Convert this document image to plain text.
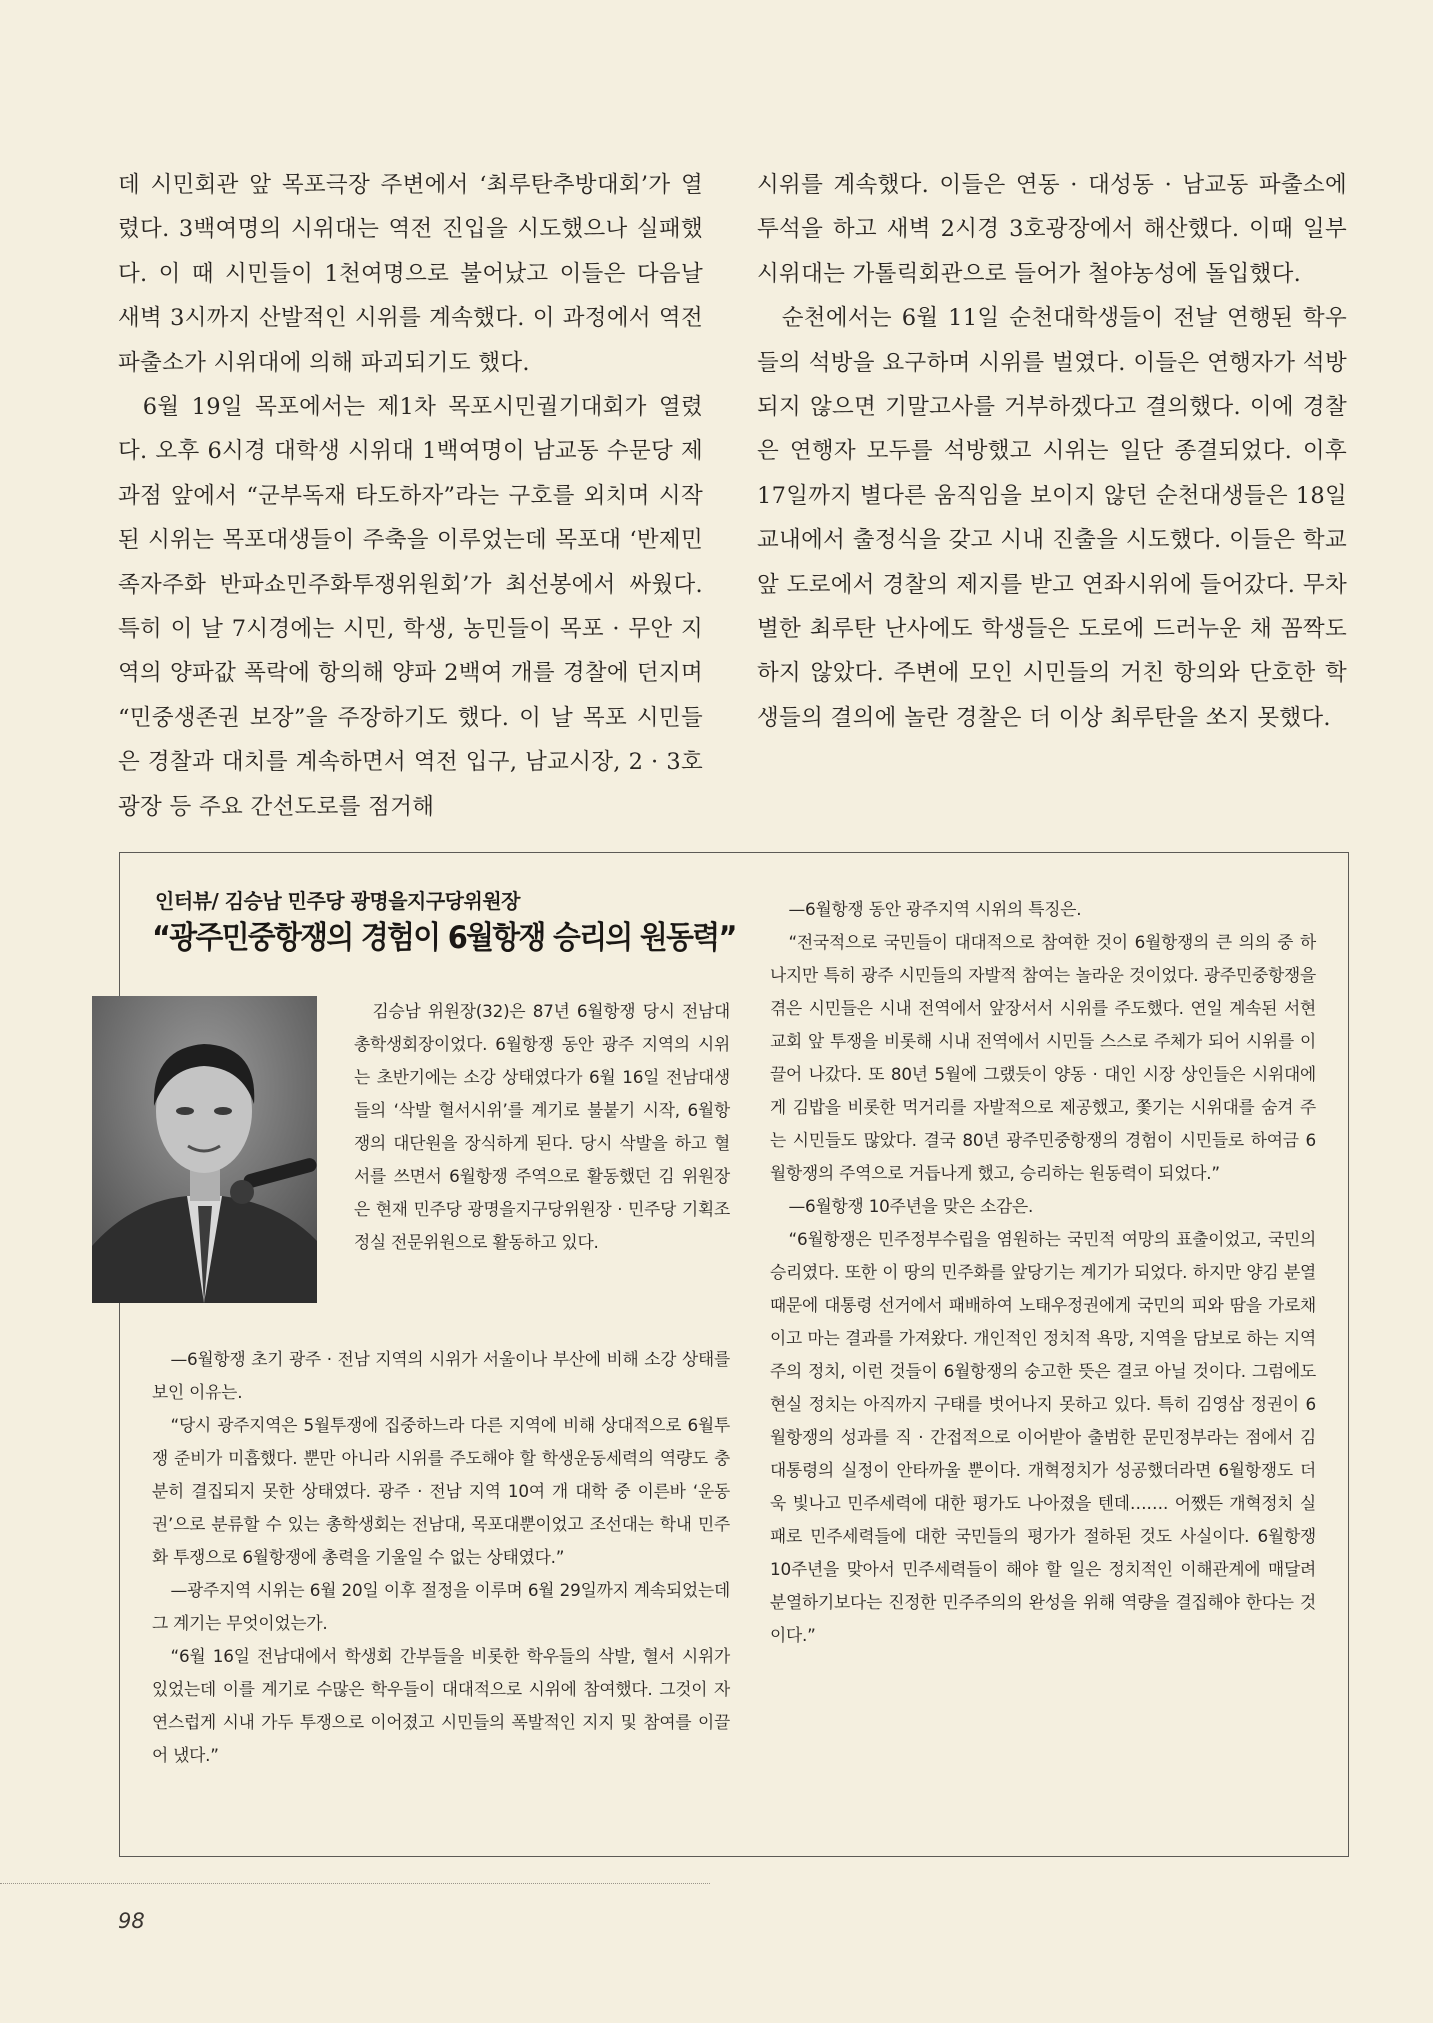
데 시민회관 앞 목포극장 주변에서 ‘최루탄추방대회’가 열렸다. 3백여명의 시위대는 역전 진입을 시도했으나 실패했다. 이 때 시민들이 1천여명으로 불어났고 이들은 다음날 새벽 3시까지 산발적인 시위를 계속했다. 이 과정에서 역전 파출소가 시위대에 의해 파괴되기도 했다.

6월 19일 목포에서는 제1차 목포시민궐기대회가 열렸다. 오후 6시경 대학생 시위대 1백여명이 남교동 수문당 제과점 앞에서 “군부독재 타도하자”라는 구호를 외치며 시작된 시위는 목포대생들이 주축을 이루었는데 목포대 ‘반제민족자주화 반파쇼민주화투쟁위원회’가 최선봉에서 싸웠다. 특히 이 날 7시경에는 시민, 학생, 농민들이 목포 · 무안 지역의 양파값 폭락에 항의해 양파 2백여 개를 경찰에 던지며 “민중생존권 보장”을 주장하기도 했다. 이 날 목포 시민들은 경찰과 대치를 계속하면서 역전 입구, 남교시장, 2 · 3호광장 등 주요 간선도로를 점거해

시위를 계속했다. 이들은 연동 · 대성동 · 남교동 파출소에 투석을 하고 새벽 2시경 3호광장에서 해산했다. 이때 일부 시위대는 가톨릭회관으로 들어가 철야농성에 돌입했다.

순천에서는 6월 11일 순천대학생들이 전날 연행된 학우들의 석방을 요구하며 시위를 벌였다. 이들은 연행자가 석방되지 않으면 기말고사를 거부하겠다고 결의했다. 이에 경찰은 연행자 모두를 석방했고 시위는 일단 종결되었다. 이후 17일까지 별다른 움직임을 보이지 않던 순천대생들은 18일 교내에서 출정식을 갖고 시내 진출을 시도했다. 이들은 학교 앞 도로에서 경찰의 제지를 받고 연좌시위에 들어갔다. 무차별한 최루탄 난사에도 학생들은 도로에 드러누운 채 꼼짝도 하지 않았다. 주변에 모인 시민들의 거친 항의와 단호한 학생들의 결의에 놀란 경찰은 더 이상 최루탄을 쏘지 못했다.

인터뷰/ 김승남 민주당 광명을지구당위원장
“광주민중항쟁의 경험이 6월항쟁 승리의 원동력”

김승남 위원장(32)은 87년 6월항쟁 당시 전남대 총학생회장이었다. 6월항쟁 동안 광주 지역의 시위는 초반기에는 소강 상태였다가 6월 16일 전남대생들의 ‘삭발 혈서시위’를 계기로 불붙기 시작, 6월항쟁의 대단원을 장식하게 된다. 당시 삭발을 하고 혈서를 쓰면서 6월항쟁 주역으로 활동했던 김 위원장은 현재 민주당 광명을지구당위원장 · 민주당 기획조정실 전문위원으로 활동하고 있다.

—6월항쟁 초기 광주 · 전남 지역의 시위가 서울이나 부산에 비해 소강 상태를 보인 이유는.

“당시 광주지역은 5월투쟁에 집중하느라 다른 지역에 비해 상대적으로 6월투쟁 준비가 미흡했다. 뿐만 아니라 시위를 주도해야 할 학생운동세력의 역량도 충분히 결집되지 못한 상태였다. 광주 · 전남 지역 10여 개 대학 중 이른바 ‘운동권’으로 분류할 수 있는 총학생회는 전남대, 목포대뿐이었고 조선대는 학내 민주화 투쟁으로 6월항쟁에 총력을 기울일 수 없는 상태였다.”

—광주지역 시위는 6월 20일 이후 절정을 이루며 6월 29일까지 계속되었는데 그 계기는 무엇이었는가.

“6월 16일 전남대에서 학생회 간부들을 비롯한 학우들의 삭발, 혈서 시위가 있었는데 이를 계기로 수많은 학우들이 대대적으로 시위에 참여했다. 그것이 자연스럽게 시내 가두 투쟁으로 이어졌고 시민들의 폭발적인 지지 및 참여를 이끌어 냈다.”

—6월항쟁 동안 광주지역 시위의 특징은.

“전국적으로 국민들이 대대적으로 참여한 것이 6월항쟁의 큰 의의 중 하나지만 특히 광주 시민들의 자발적 참여는 놀라운 것이었다. 광주민중항쟁을 겪은 시민들은 시내 전역에서 앞장서서 시위를 주도했다. 연일 계속된 서현교회 앞 투쟁을 비롯해 시내 전역에서 시민들 스스로 주체가 되어 시위를 이끌어 나갔다. 또 80년 5월에 그랬듯이 양동 · 대인 시장 상인들은 시위대에게 김밥을 비롯한 먹거리를 자발적으로 제공했고, 쫓기는 시위대를 숨겨 주는 시민들도 많았다. 결국 80년 광주민중항쟁의 경험이 시민들로 하여금 6월항쟁의 주역으로 거듭나게 했고, 승리하는 원동력이 되었다.”

—6월항쟁 10주년을 맞은 소감은.

“6월항쟁은 민주정부수립을 염원하는 국민적 여망의 표출이었고, 국민의 승리였다. 또한 이 땅의 민주화를 앞당기는 계기가 되었다. 하지만 양김 분열 때문에 대통령 선거에서 패배하여 노태우정권에게 국민의 피와 땀을 가로채이고 마는 결과를 가져왔다. 개인적인 정치적 욕망, 지역을 담보로 하는 지역주의 정치, 이런 것들이 6월항쟁의 숭고한 뜻은 결코 아닐 것이다. 그럼에도 현실 정치는 아직까지 구태를 벗어나지 못하고 있다. 특히 김영삼 정권이 6월항쟁의 성과를 직 · 간접적으로 이어받아 출범한 문민정부라는 점에서 김 대통령의 실정이 안타까울 뿐이다. 개혁정치가 성공했더라면 6월항쟁도 더욱 빛나고 민주세력에 대한 평가도 나아졌을 텐데……. 어쨌든 개혁정치 실패로 민주세력들에 대한 국민들의 평가가 절하된 것도 사실이다. 6월항쟁 10주년을 맞아서 민주세력들이 해야 할 일은 정치적인 이해관계에 매달려 분열하기보다는 진정한 민주주의의 완성을 위해 역량을 결집해야 한다는 것이다.”

98
